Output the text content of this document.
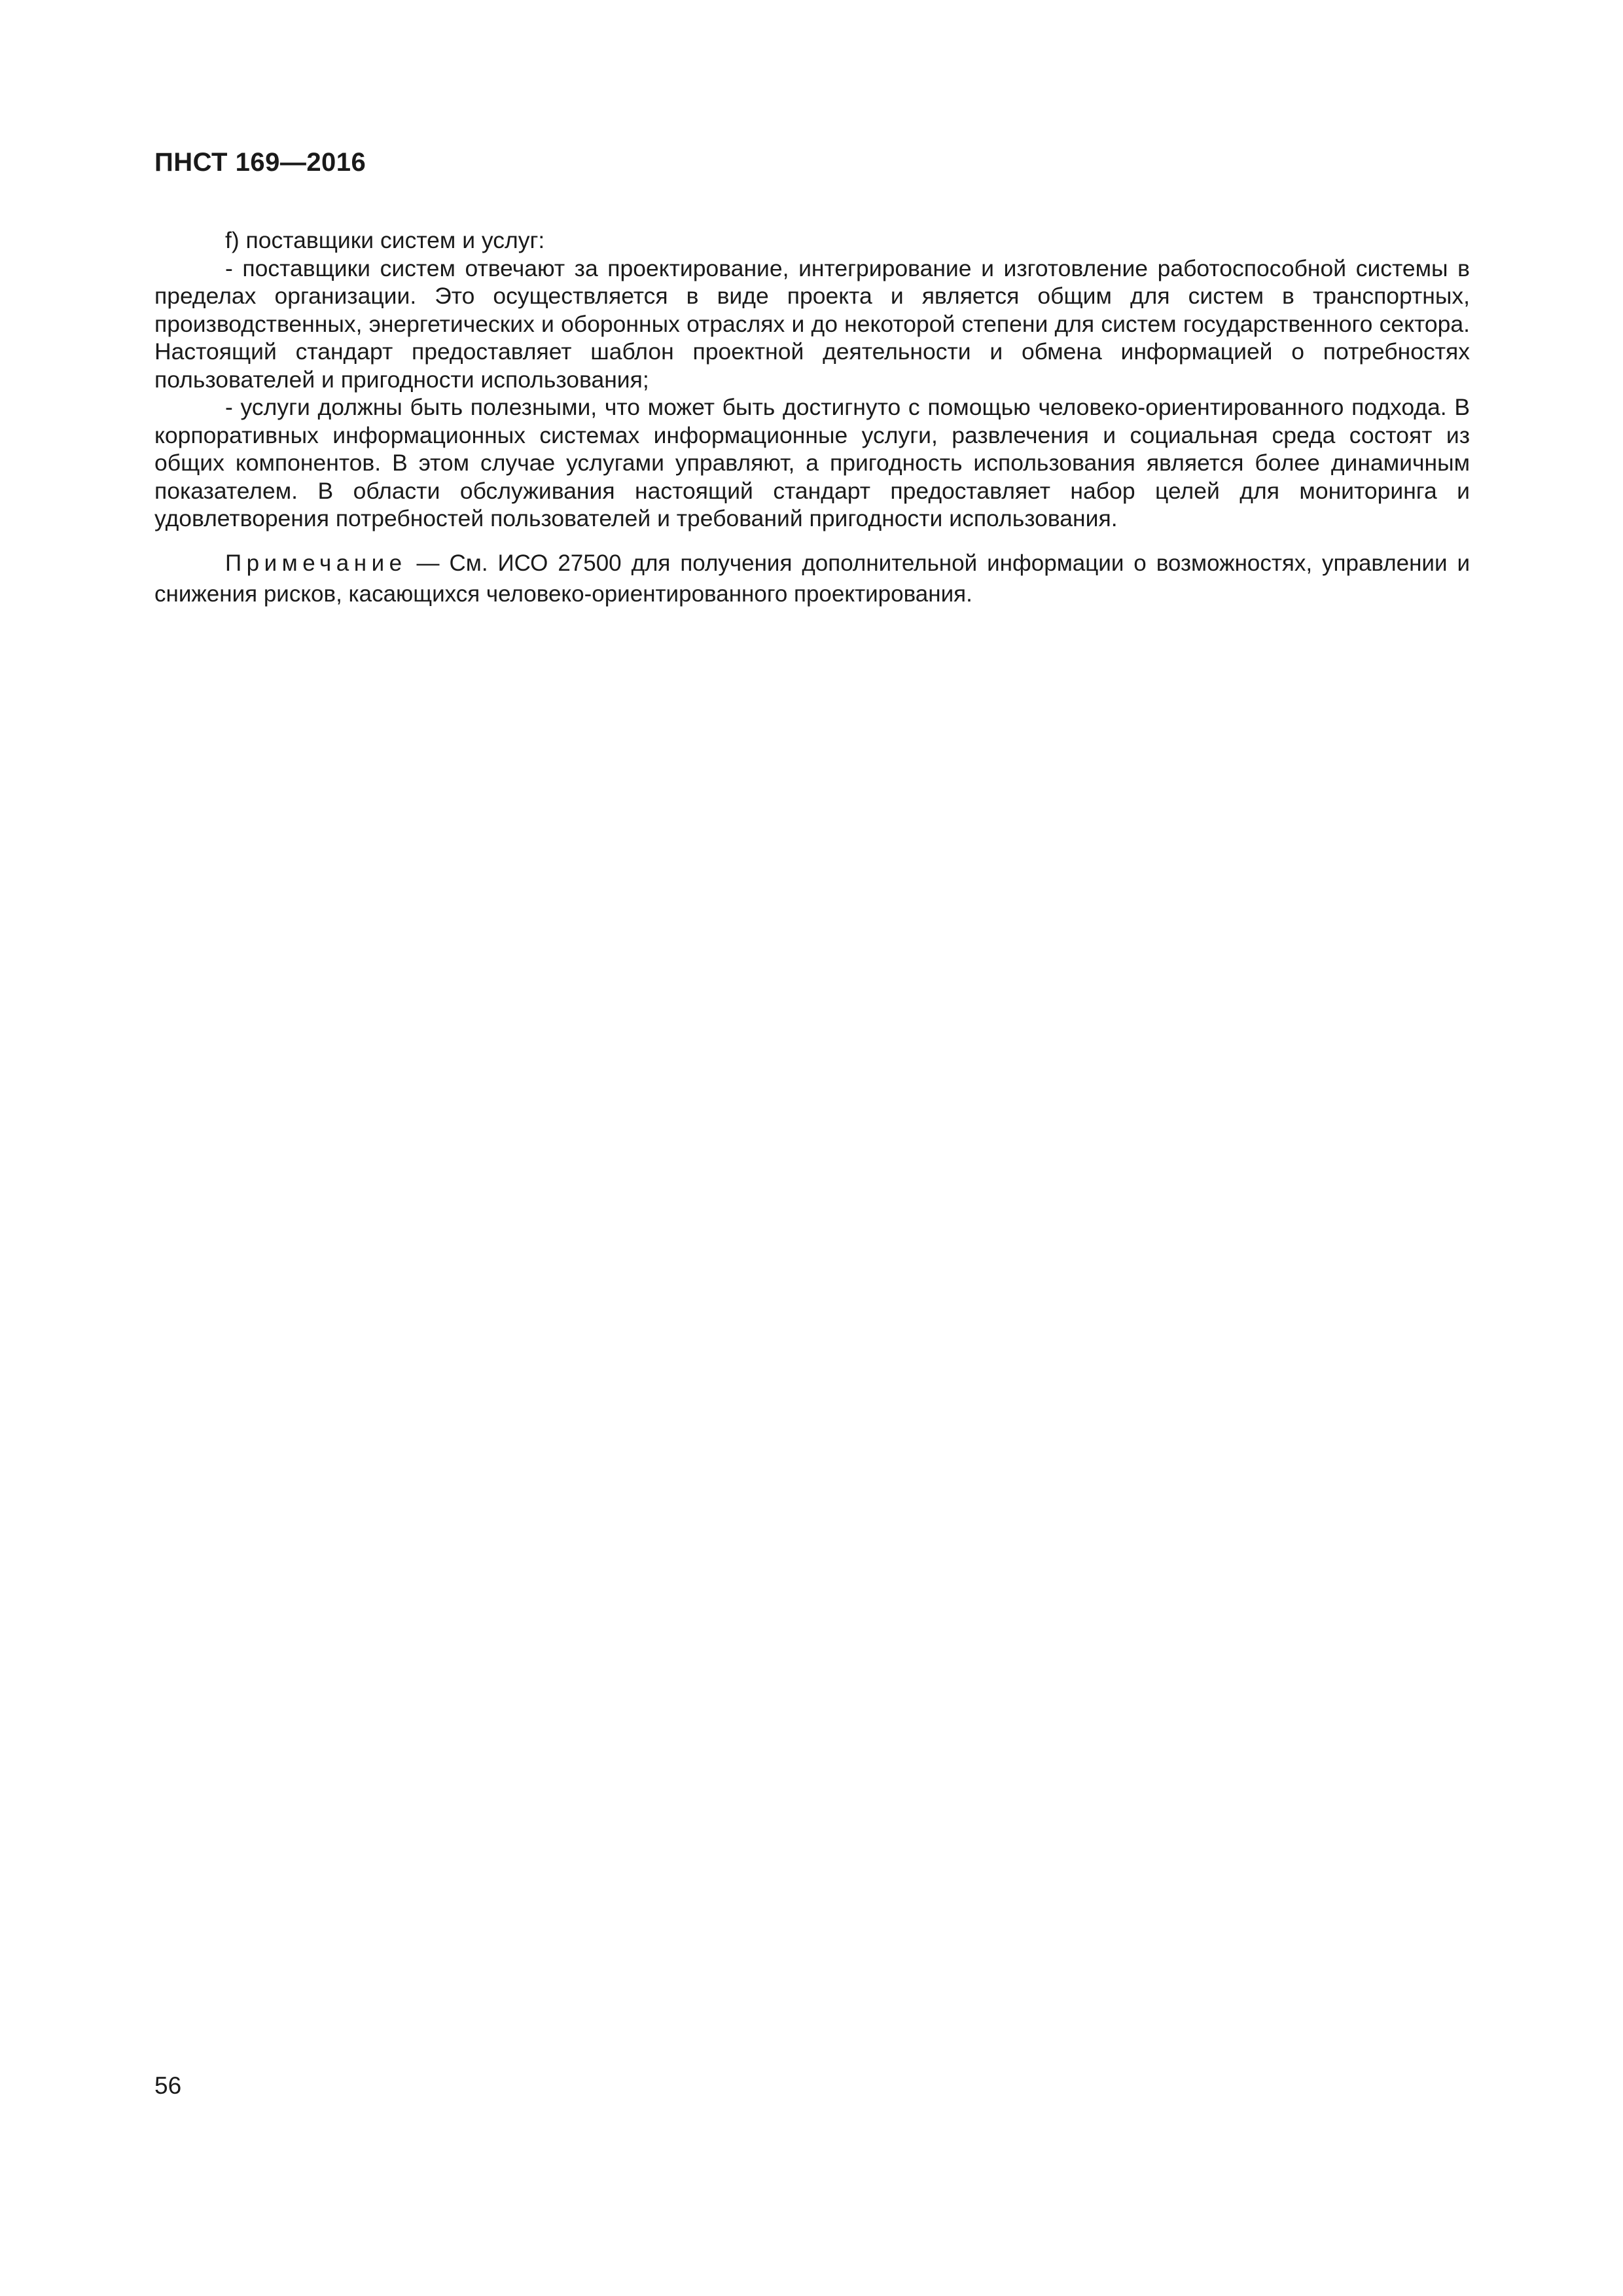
ПНСТ 169—2016

f) поставщики систем и услуг:

- поставщики систем отвечают за проектирование, интегрирование и изготовление работоспособной системы в пределах организации. Это осуществляется в виде проекта и является общим для систем в транспортных, производственных, энергетических и оборонных отраслях и до некоторой степени для систем государственного сектора. Настоящий стандарт предоставляет шаблон проектной деятельности и обмена информацией о потребностях пользователей и пригодности использования;

- услуги должны быть полезными, что может быть достигнуто с помощью человеко-ориентированного подхода. В корпоративных информационных системах информационные услуги, развлечения и социальная среда состоят из общих компонентов. В этом случае услугами управляют, а пригодность использования является более динамичным показателем. В области обслуживания настоящий стандарт предоставляет набор целей для мониторинга и удовлетворения потребностей пользователей и требований пригодности использования.

Примечание — См. ИСО 27500 для получения дополнительной информации о возможностях, управлении и снижения рисков, касающихся человеко-ориентированного проектирования.

56
